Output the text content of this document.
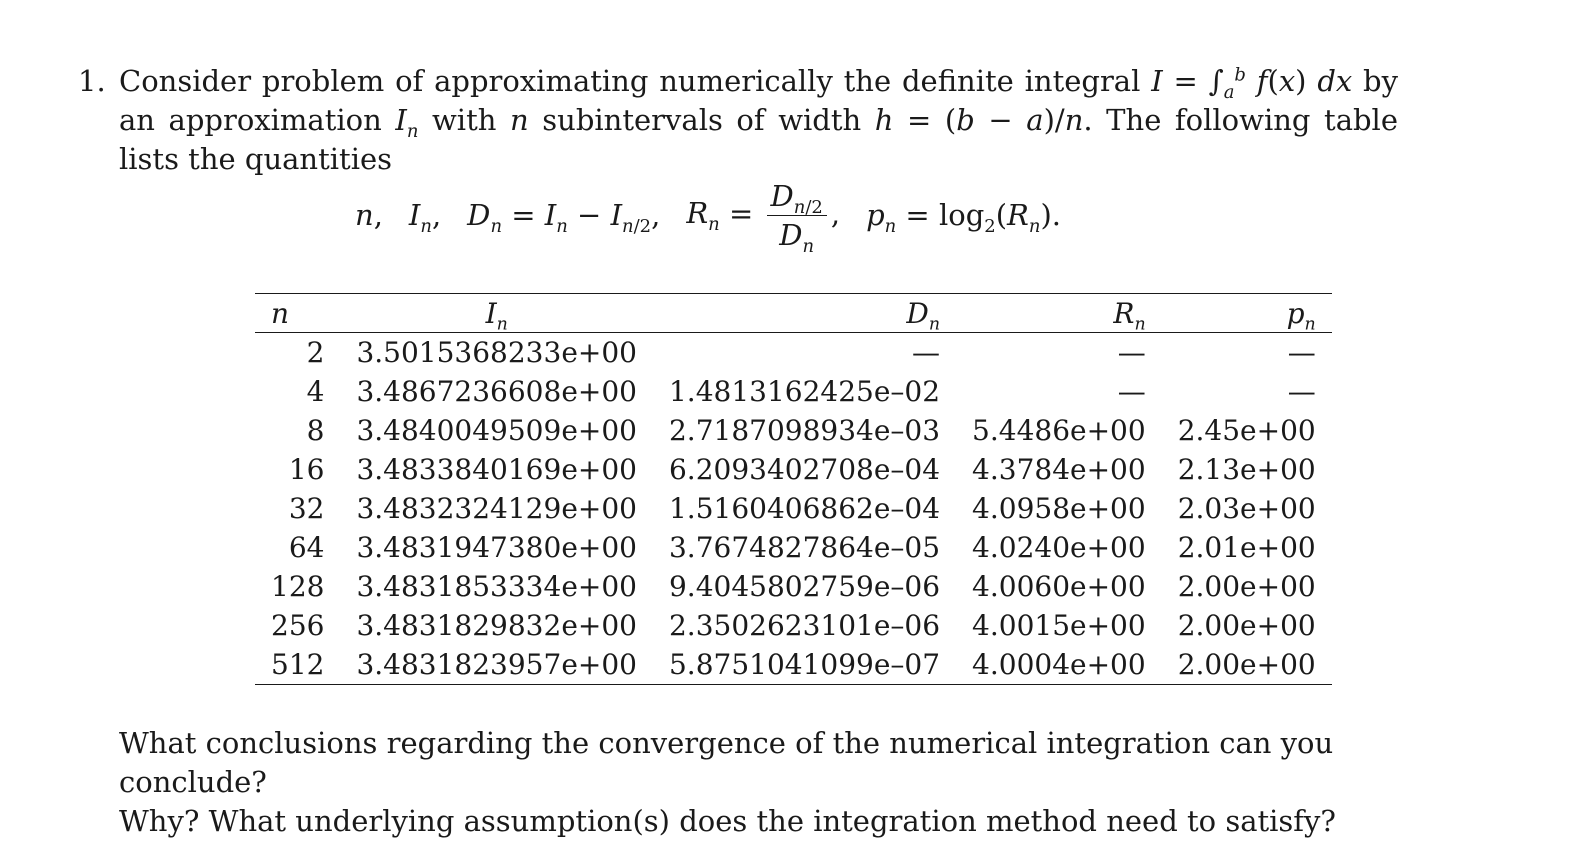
1. Consider problem of approximating numerically the definite integral $I = \int_a^b$ f(x) dx by an approximation $I_n$ with n subintervals of width h = (b − a)/n. The following table lists the quantities
n, $I_n$, $D_n = I_n - I_{n/2}$, $R_n = \frac{D_{n/2}}{D_n}$ , $p_n = \log_2(R_n)$.
n	$I_n$	$D_n$	$R_n$	$p_n$
2	3.5015368233e+00	—	—	—
4	3.4867236608e+00	1.4813162425e–02	—	—
8	3.4840049509e+00	2.7187098934e–03	5.4486e+00	2.45e+00
16	3.4833840169e+00	6.2093402708e–04	4.3784e+00	2.13e+00
32	3.4832324129e+00	1.5160406862e–04	4.0958e+00	2.03e+00
64	3.4831947380e+00	3.7674827864e–05	4.0240e+00	2.01e+00
128	3.4831853334e+00	9.4045802759e–06	4.0060e+00	2.00e+00
256	3.4831829832e+00	2.3502623101e–06	4.0015e+00	2.00e+00
512	3.4831823957e+00	5.8751041099e–07	4.0004e+00	2.00e+00
What conclusions regarding the convergence of the numerical integration can you conclude?
Why? What underlying assumption(s) does the integration method need to satisfy?
